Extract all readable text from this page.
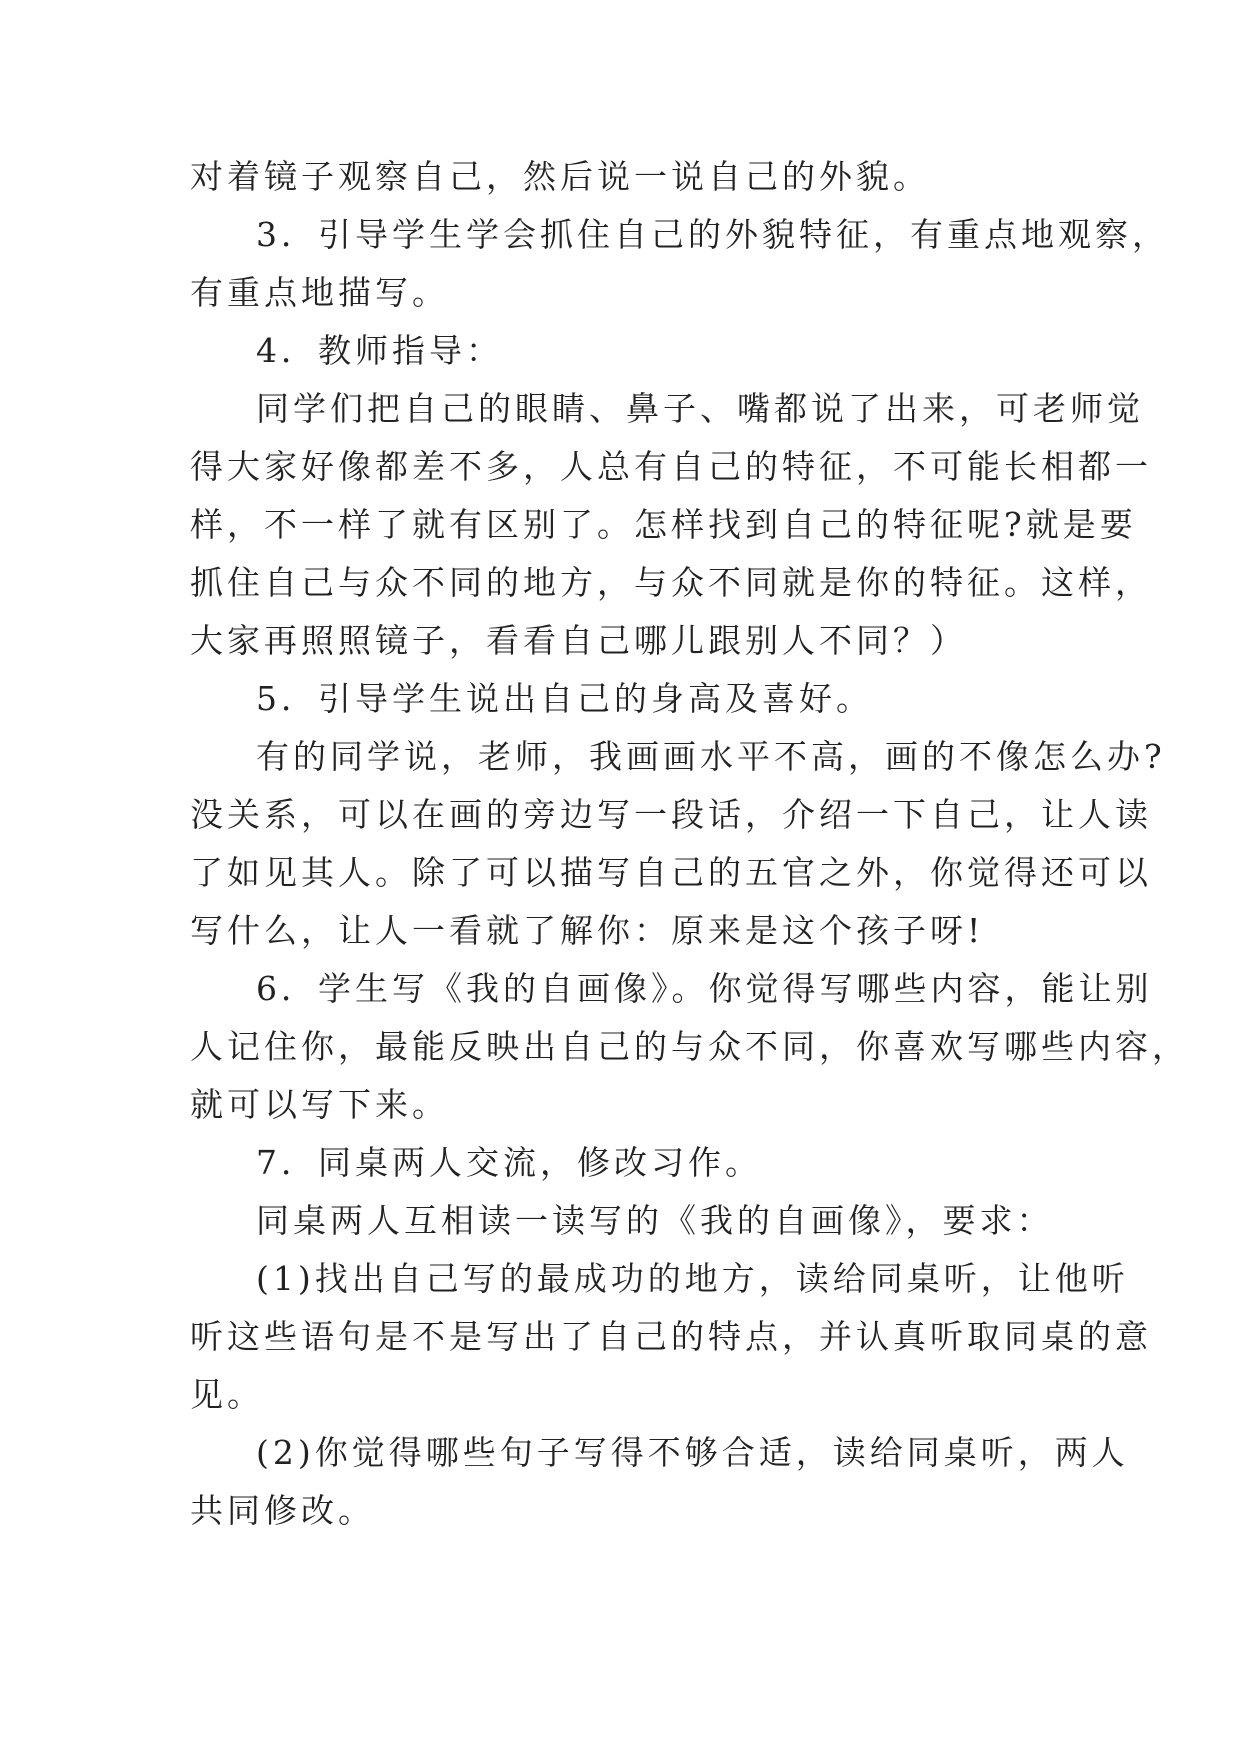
对着镜子观察自己，然后说一说自己的外貌。

3．引导学生学会抓住自己的外貌特征，有重点地观察，
有重点地描写。

4．教师指导：

同学们把自己的眼睛、鼻子、嘴都说了出来，可老师觉
得大家好像都差不多，人总有自己的特征，不可能长相都一
样，不一样了就有区别了。怎样找到自己的特征呢?就是要
抓住自己与众不同的地方，与众不同就是你的特征。这样，
大家再照照镜子，看看自己哪儿跟别人不同？）

5．引导学生说出自己的身高及喜好。

有的同学说，老师，我画画水平不高，画的不像怎么办?
没关系，可以在画的旁边写一段话，介绍一下自己，让人读
了如见其人。除了可以描写自己的五官之外，你觉得还可以
写什么，让人一看就了解你：原来是这个孩子呀!

6．学生写《我的自画像》。你觉得写哪些内容，能让别
人记住你，最能反映出自己的与众不同，你喜欢写哪些内容，
就可以写下来。

7．同桌两人交流，修改习作。

同桌两人互相读一读写的《我的自画像》，要求：

(1)找出自己写的最成功的地方，读给同桌听，让他听
听这些语句是不是写出了自己的特点，并认真听取同桌的意
见。

(2)你觉得哪些句子写得不够合适，读给同桌听，两人
共同修改。
